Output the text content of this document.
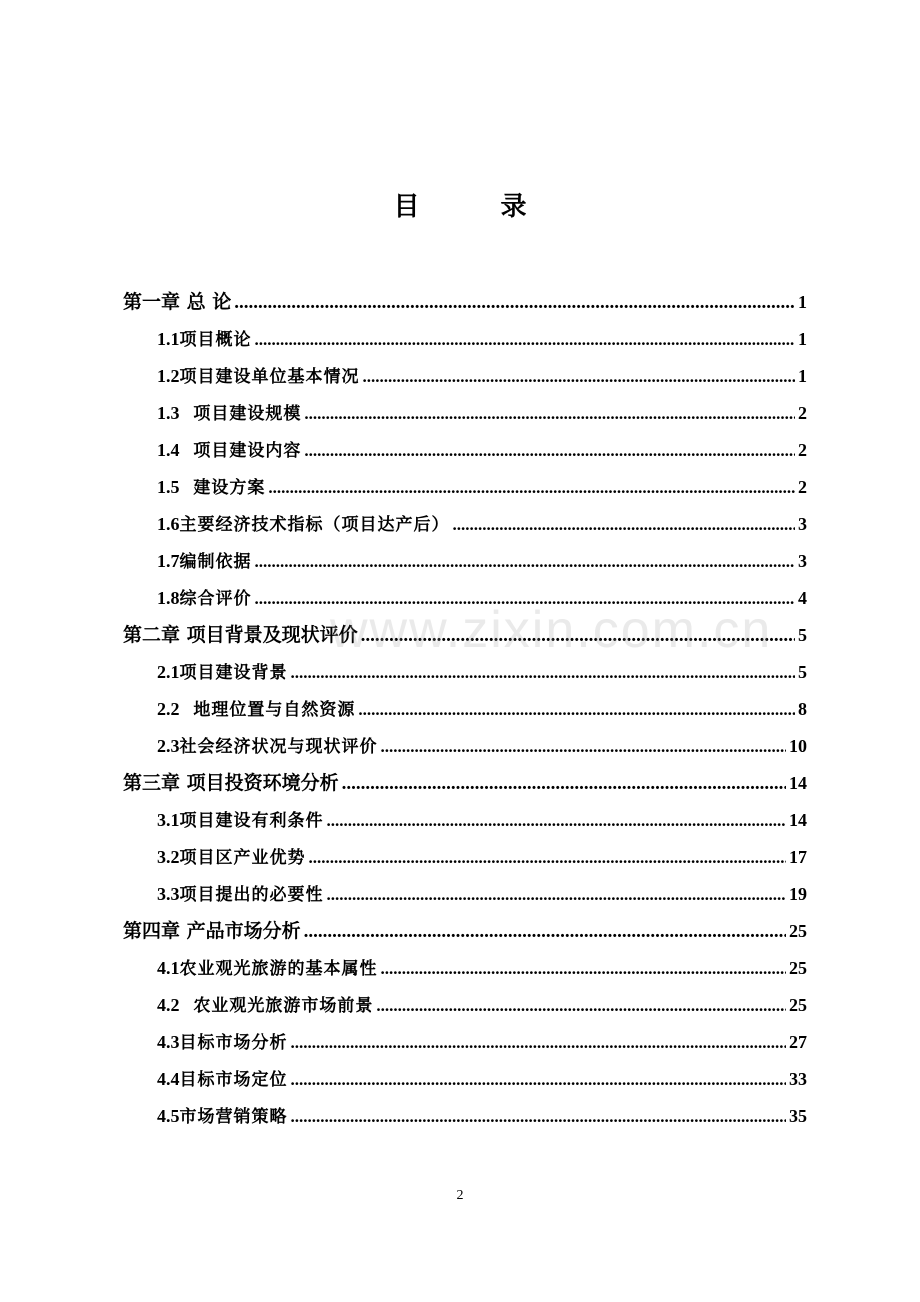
目 录
第一章 总 论 .....	1
1.1 项目概论 .....	1
1.2 项目建设单位基本情况 .....	1
1.3 项目建设规模 .....	2
1.4 项目建设内容 .....	2
1.5 建设方案 .....	2
1.6 主要经济技术指标（项目达产后） .....	3
1.7 编制依据 .....	3
1.8 综合评价 .....	4
第二章 项目背景及现状评价 .....	5
2.1 项目建设背景 .....	5
2.2 地理位置与自然资源 .....	8
2.3 社会经济状况与现状评价 .....	10
第三章 项目投资环境分析 .....	14
3.1 项目建设有利条件 .....	14
3.2 项目区产业优势 .....	17
3.3 项目提出的必要性 .....	19
第四章 产品市场分析 .....	25
4.1 农业观光旅游的基本属性 .....	25
4.2 农业观光旅游市场前景 .....	25
4.3 目标市场分析 .....	27
4.4 目标市场定位 .....	33
4.5 市场营销策略 .....	35
www.zixin.com.cn
2
